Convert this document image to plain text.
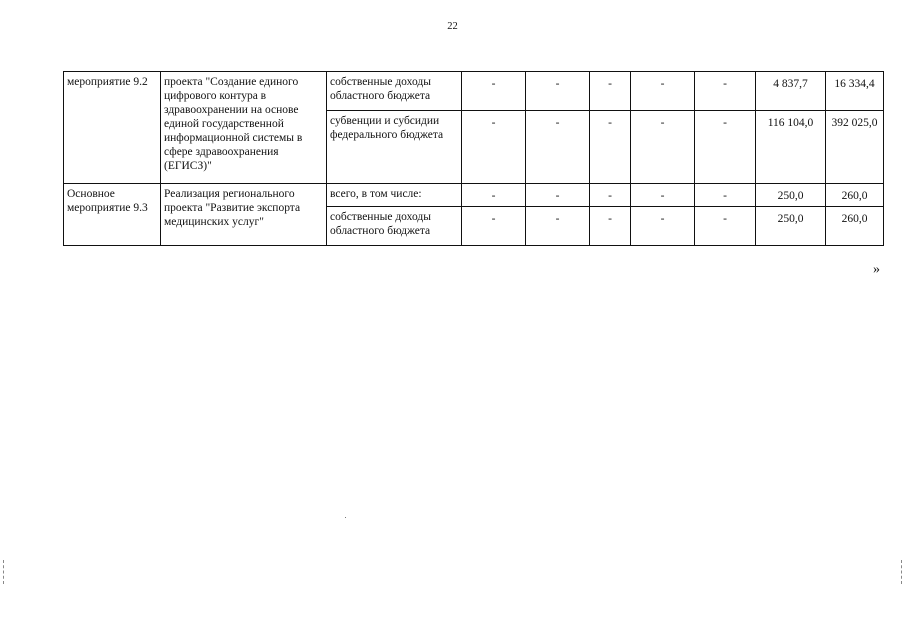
22
мероприятие 9.2	проекта "Создание единого цифрового контура в здравоохранении на основе единой государственной информационной системы в сфере здравоохранения (ЕГИСЗ)"	собственные доходы областного бюджета	-	-	-	-	-	4 837,7	16 334,4
		субвенции и субсидии федерального бюджета	-	-	-	-	-	116 104,0	392 025,0
Основное мероприятие 9.3	Реализация регионального проекта "Развитие экспорта медицинских услуг"	всего, в том числе:	-	-	-	-	-	250,0	260,0
		собственные доходы областного бюджета	-	-	-	-	-	250,0	260,0
»
